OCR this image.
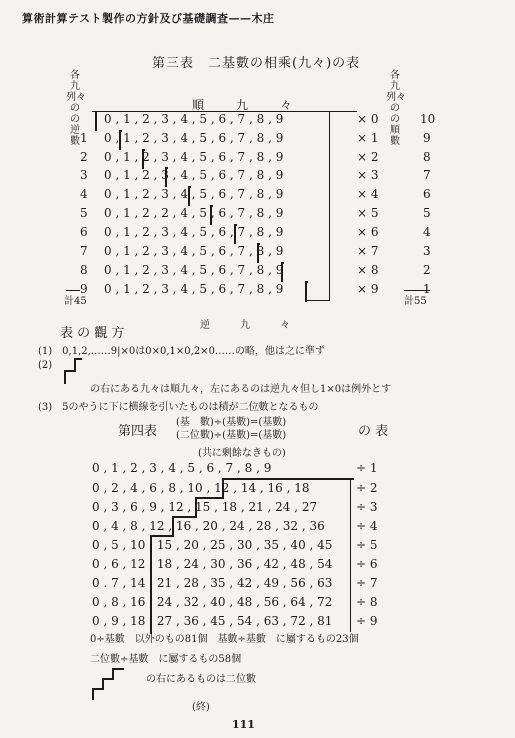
算術計算テスト製作の方針及び基礎調査——木庄
第三表　二基數の相乘(九々)の表
各九列々のの逆數
各九列々のの順數
順　九　々
0 , 1 , 2 , 3 , 4 , 5 , 6 , 7 , 8 , 9	× 0	10
1 0 , 1 , 2 , 3 , 4 , 5 , 6 , 7 , 8 , 9	× 1	9
2 0 , 1 , 2 , 3 , 4 , 5 , 6 , 7 , 8 , 9	× 2	8
3 0 , 1 , 2 , 3 , 4 , 5 , 6 , 7 , 8 , 9	× 3	7
4 0 , 1 , 2 , 3 , 4 , 5 , 6 , 7 , 8 , 9	× 4	6
5 0 , 1 , 2 , 2 , 4 , 5 , 6 , 7 , 8 , 9	× 5	5
6 0 , 1 , 2 , 3 , 4 , 5 , 6 , 7 , 8 , 9	× 6	4
7 0 , 1 , 2 , 3 , 4 , 5 , 6 , 7 , 8 , 9	× 7	3
8 0 , 1 , 2 , 3 , 4 , 5 , 6 , 7 , 8 , 9	× 8	2
9 0 , 1 , 2 , 3 , 4 , 5 , 6 , 7 , 8 , 9	× 9	1
計45	計55
逆　九　々
表 の 觀 方
(1)　0,1,2,……9|×0は0×0,1×0,2×0……の略，他は之に準ず
(2)
の右にある九々は順九々，左にあるのは逆九々但し1×0は例外とす
(3)　5のやうに下に横線を引いたものは積が二位數となるもの
第四表
(基　數)÷(基數)=(基數)
(二位數)÷(基數)=(基數)	の 表
(共に剰餘なきもの)
0 , 1 , 2 , 3 , 4 , 5 , 6 , 7 , 8 , 9	÷ 1
0 , 2 , 4 , 6 , 8 , 10 , 12 , 14 , 16 , 18	÷ 2
0 , 3 , 6 , 9 , 12 , 15 , 18 , 21 , 24 , 27	÷ 3
0 , 4 , 8 , 12 , 16 , 20 , 24 , 28 , 32 , 36	÷ 4
0 , 5 , 10 , 15 , 20 , 25 , 30 , 35 , 40 , 45 ÷ 5
0 , 6 , 12 , 18 , 24 , 30 , 36 , 42 , 48 , 54 ÷ 6
0 . 7 , 14 , 21 , 28 , 35 , 42 , 49 , 56 , 63 ÷ 7
0 , 8 , 16 , 24 , 32 , 40 , 48 , 56 , 64 , 72 ÷ 8
0 , 9 , 18 , 27 , 36 , 45 , 54 , 63 , 72 , 81 ÷ 9
0÷基數　以外のもの81個　基數÷基數　に屬するもの23個
二位數÷基數　に屬するもの58個
の右にあるものは二位數
(終)
111
